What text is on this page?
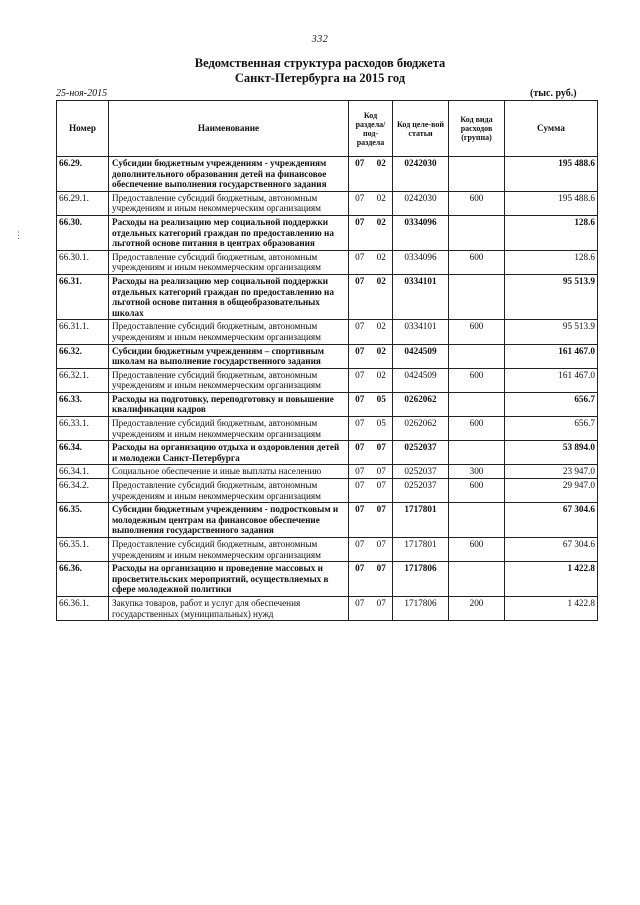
332
Ведомственная структура расходов бюджета
Санкт-Петербурга на 2015 год
25-ноя-2015	(тыс. руб.)
⋮
Номер	Наименование	Код раздела/ под-раздела		Код целе-вой статьи	Код вида расходов (группа)	Сумма
66.29.	Субсидии бюджетным учреждениям - учреждениям дополнительного образования детей на финансовое обеспечение выполнения государственного задания	07	02	0242030		195 488.6
66.29.1.	Предоставление субсидий бюджетным, автономным учреждениям и иным некоммерческим организациям	07	02	0242030	600	195 488.6
66.30.	Расходы на реализацию мер социальной поддержки отдельных категорий граждан по предоставлению на льготной основе питания в центрах образования	07	02	0334096		128.6
66.30.1.	Предоставление субсидий бюджетным, автономным учреждениям и иным некоммерческим организациям	07	02	0334096	600	128.6
66.31.	Расходы на реализацию мер социальной поддержки отдельных категорий граждан по предоставлению на льготной основе питания в общеобразовательных школах	07	02	0334101		95 513.9
66.31.1.	Предоставление субсидий бюджетным, автономным учреждениям и иным некоммерческим организациям	07	02	0334101	600	95 513.9
66.32.	Субсидии бюджетным учреждениям – спортивным школам на выполнение государственного задания	07	02	0424509		161 467.0
66.32.1.	Предоставление субсидий бюджетным, автономным учреждениям и иным некоммерческим организациям	07	02	0424509	600	161 467.0
66.33.	Расходы на подготовку, переподготовку и повышение квалификации кадров	07	05	0262062		656.7
66.33.1.	Предоставление субсидий бюджетным, автономным учреждениям и иным некоммерческим организациям	07	05	0262062	600	656.7
66.34.	Расходы на организацию отдыха и оздоровления детей и молодежи Санкт-Петербурга	07	07	0252037		53 894.0
66.34.1.	Социальное обеспечение и иные выплаты населению	07	07	0252037	300	23 947.0
66.34.2.	Предоставление субсидий бюджетным, автономным учреждениям и иным некоммерческим организациям	07	07	0252037	600	29 947.0
66.35.	Субсидии бюджетным учреждениям - подростковым и молодежным центрам на финансовое обеспечение выполнения государственного задания	07	07	1717801		67 304.6
66.35.1.	Предоставление субсидий бюджетным, автономным учреждениям и иным некоммерческим организациям	07	07	1717801	600	67 304.6
66.36.	Расходы на организацию и проведение массовых и просветительских мероприятий, осуществляемых в сфере молодежной политики	07	07	1717806		1 422.8
66.36.1.	Закупка товаров, работ и услуг для обеспечения государственных (муниципальных) нужд	07	07	1717806	200	1 422.8
